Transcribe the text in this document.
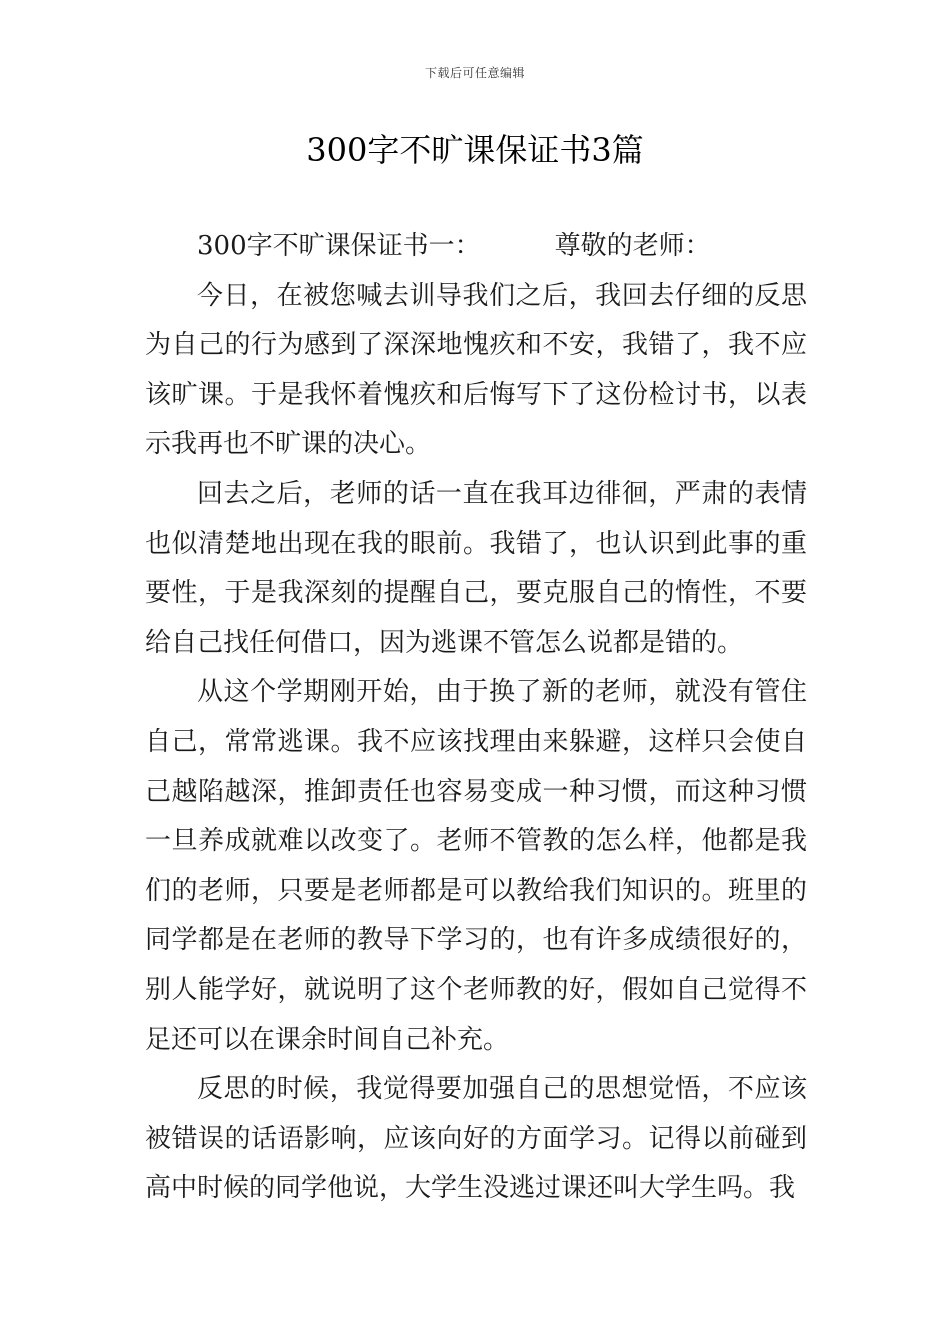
下载后可任意编辑
300字不旷课保证书3篇
300字不旷课保证书一：	尊敬的老师：

今日，在被您喊去训导我们之后，我回去仔细的反思为自己的行为感到了深深地愧疚和不安，我错了，我不应该旷课。于是我怀着愧疚和后悔写下了这份检讨书，以表示我再也不旷课的决心。

回去之后，老师的话一直在我耳边徘徊，严肃的表情也似清楚地出现在我的眼前。我错了，也认识到此事的重要性，于是我深刻的提醒自己，要克服自己的惰性，不要给自己找任何借口，因为逃课不管怎么说都是错的。

从这个学期刚开始，由于换了新的老师，就没有管住自己，常常逃课。我不应该找理由来躲避，这样只会使自己越陷越深，推卸责任也容易变成一种习惯，而这种习惯一旦养成就难以改变了。老师不管教的怎么样，他都是我们的老师，只要是老师都是可以教给我们知识的。班里的同学都是在老师的教导下学习的，也有许多成绩很好的，别人能学好，就说明了这个老师教的好，假如自己觉得不足还可以在课余时间自己补充。

反思的时候，我觉得要加强自己的思想觉悟，不应该被错误的话语影响，应该向好的方面学习。记得以前碰到高中时候的同学他说，大学生没逃过课还叫大学生吗。我
